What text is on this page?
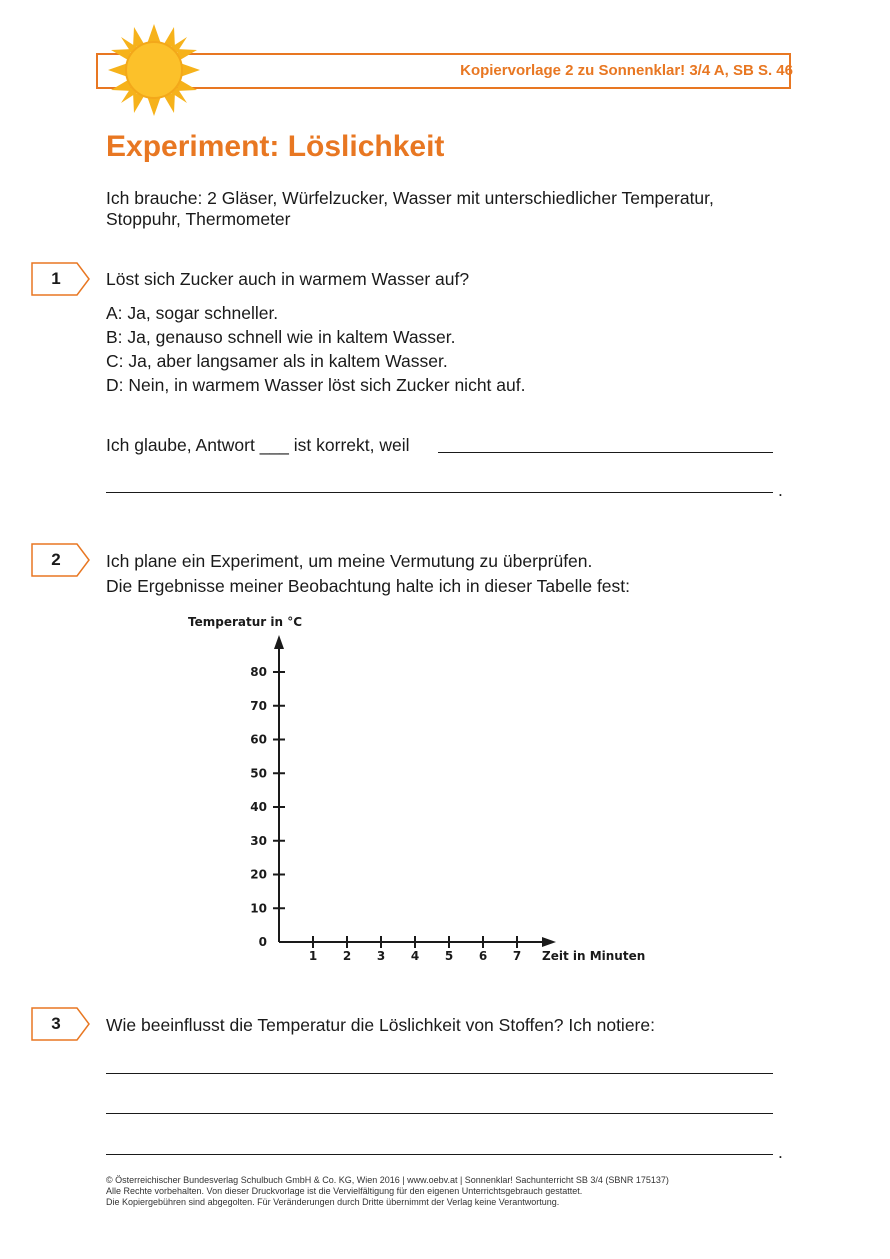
Kopiervorlage 2 zu Sonnenklar! 3/4 A, SB S. 46
Experiment: Löslichkeit
Ich brauche: 2 Gläser, Würfelzucker, Wasser mit unterschiedlicher Temperatur,
Stoppuhr, Thermometer
1	Löst sich Zucker auch in warmem Wasser auf?
A: Ja, sogar schneller.
B: Ja, genauso schnell wie in kaltem Wasser.
C: Ja, aber langsamer als in kaltem Wasser.
D: Nein, in warmem Wasser löst sich Zucker nicht auf.
Ich glaube, Antwort ___ ist korrekt, weil
.
2	Ich plane ein Experiment, um meine Vermutung zu überprüfen.
Die Ergebnisse meiner Beobachtung halte ich in dieser Tabelle fest:
Temperatur in °C
Zeit in Minuten
0
10
20
30
40
50
60
70
80
1 2 3 4 5 6 7
3	Wie beeinflusst die Temperatur die Löslichkeit von Stoffen? Ich notiere:
.
© Österreichischer Bundesverlag Schulbuch GmbH & Co. KG, Wien 2016 | www.oebv.at | Sonnenklar! Sachunterricht SB 3/4 (SBNR 175137)
Alle Rechte vorbehalten. Von dieser Druckvorlage ist die Vervielfältigung für den eigenen Unterrichtsgebrauch gestattet.
Die Kopiergebühren sind abgegolten. Für Veränderungen durch Dritte übernimmt der Verlag keine Verantwortung.
